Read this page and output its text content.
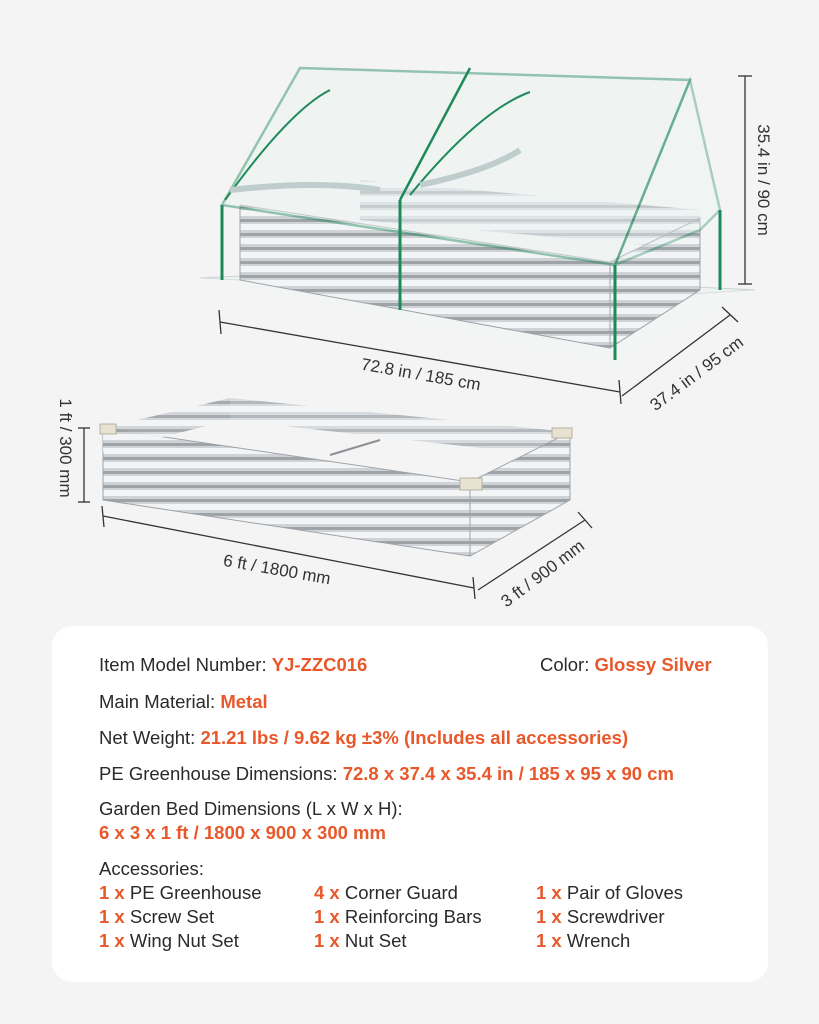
35.4 in / 90 cm
72.8 in / 185 cm	37.4 in / 95 cm
1 ft / 300 mm
6 ft / 1800 mm	3 ft / 900 mm
Item Model Number: YJ-ZZC016	Color: Glossy Silver
Main Material: Metal
Net Weight: 21.21 lbs / 9.62 kg ±3% (Includes all accessories)
PE Greenhouse Dimensions: 72.8 x 37.4 x 35.4 in / 185 x 95 x 90 cm
Garden Bed Dimensions (L x W x H):
6 x 3 x 1 ft / 1800 x 900 x 300 mm
Accessories:
1 x PE Greenhouse	4 x Corner Guard	1 x Pair of Gloves
1 x Screw Set	1 x Reinforcing Bars	1 x Screwdriver
1 x Wing Nut Set	1 x Nut Set	1 x Wrench
